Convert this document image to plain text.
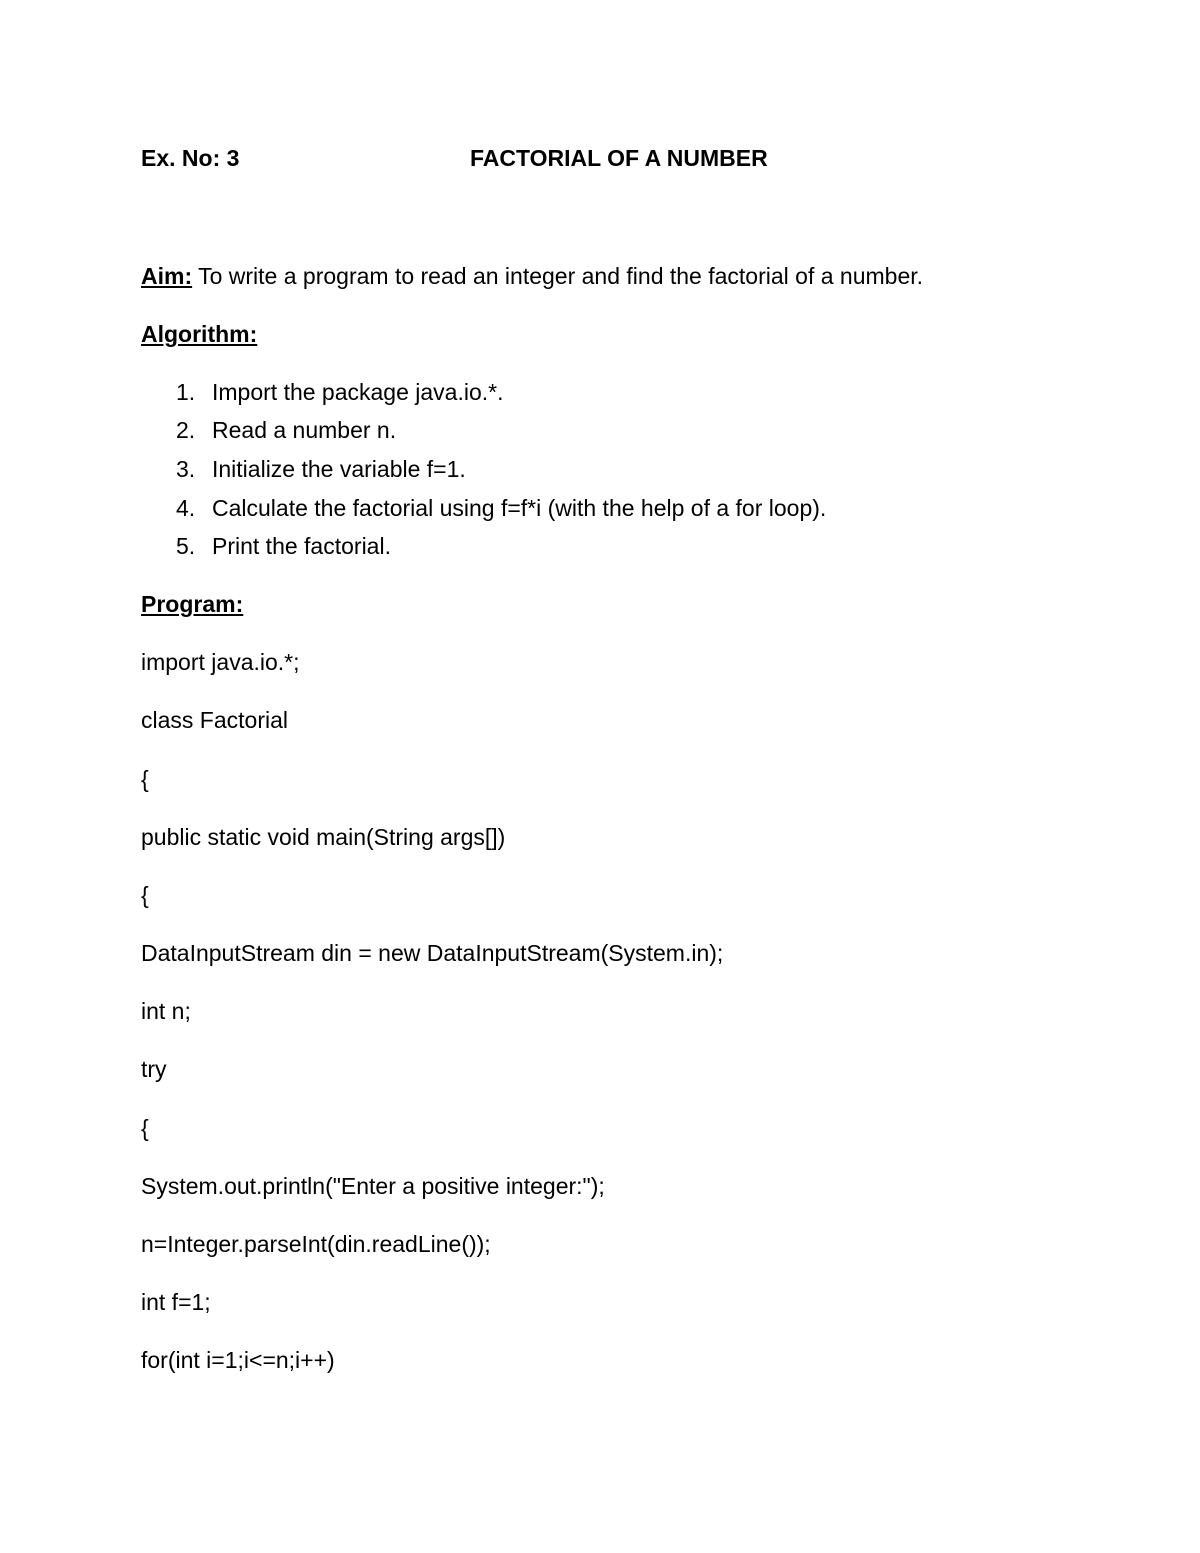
Ex. No: 3	FACTORIAL OF A NUMBER
Aim: To write a program to read an integer and find the factorial of a number.
Algorithm:
1. Import the package java.io.*.
2. Read a number n.
3. Initialize the variable f=1.
4. Calculate the factorial using f=f*i (with the help of a for loop).
5. Print the factorial.
Program:
import java.io.*;
class Factorial
{
public static void main(String args[])
{
DataInputStream din = new DataInputStream(System.in);
int n;
try
{
System.out.println("Enter a positive integer:");
n=Integer.parseInt(din.readLine());
int f=1;
for(int i=1;i<=n;i++)
